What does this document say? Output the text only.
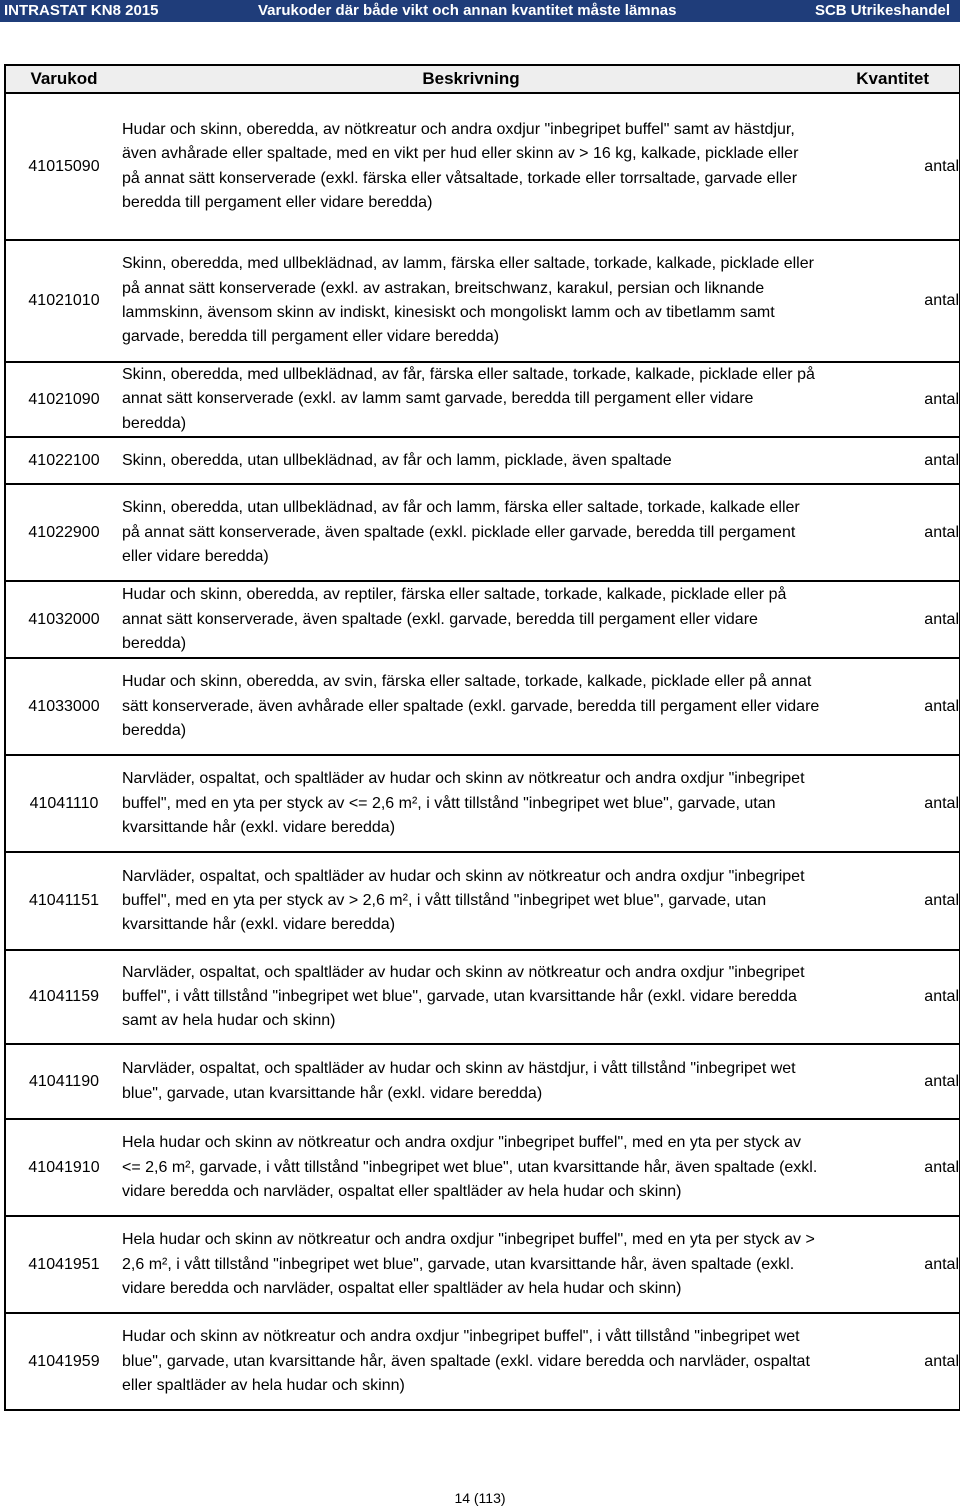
INTRASTAT KN8 2015	Varukoder där både vikt och annan kvantitet måste lämnas	SCB Utrikeshandel
Varukod	Beskrivning	Kvantitet
41015090	Hudar och skinn, oberedda, av nötkreatur och andra oxdjur "inbegripet buffel" samt av hästdjur, även avhårade eller spaltade, med en vikt per hud eller skinn av > 16 kg, kalkade, picklade eller på annat sätt konserverade (exkl. färska eller våtsaltade, torkade eller torrsaltade, garvade eller beredda till pergament eller vidare beredda)	antal
41021010	Skinn, oberedda, med ullbeklädnad, av lamm, färska eller saltade, torkade, kalkade, picklade eller på annat sätt konserverade (exkl. av astrakan, breitschwanz, karakul, persian och liknande lammskinn, ävensom skinn av indiskt, kinesiskt och mongoliskt lamm och av tibetlamm samt garvade, beredda till pergament eller vidare beredda)	antal
41021090	Skinn, oberedda, med ullbeklädnad, av får, färska eller saltade, torkade, kalkade, picklade eller på annat sätt konserverade (exkl. av lamm samt garvade, beredda till pergament eller vidare beredda)	antal
41022100	Skinn, oberedda, utan ullbeklädnad, av får och lamm, picklade, även spaltade	antal
41022900	Skinn, oberedda, utan ullbeklädnad, av får och lamm, färska eller saltade, torkade, kalkade eller på annat sätt konserverade, även spaltade (exkl. picklade eller garvade, beredda till pergament eller vidare beredda)	antal
41032000	Hudar och skinn, oberedda, av reptiler, färska eller saltade, torkade, kalkade, picklade eller på annat sätt konserverade, även spaltade (exkl. garvade, beredda till pergament eller vidare beredda)	antal
41033000	Hudar och skinn, oberedda, av svin, färska eller saltade, torkade, kalkade, picklade eller på annat sätt konserverade, även avhårade eller spaltade (exkl. garvade, beredda till pergament eller vidare beredda)	antal
41041110	Narvläder, ospaltat, och spaltläder av hudar och skinn av nötkreatur och andra oxdjur "inbegripet buffel", med en yta per styck av <= 2,6 m², i vått tillstånd "inbegripet wet blue", garvade, utan kvarsittande hår (exkl. vidare beredda)	antal
41041151	Narvläder, ospaltat, och spaltläder av hudar och skinn av nötkreatur och andra oxdjur "inbegripet buffel", med en yta per styck av > 2,6 m², i vått tillstånd "inbegripet wet blue", garvade, utan kvarsittande hår (exkl. vidare beredda)	antal
41041159	Narvläder, ospaltat, och spaltläder av hudar och skinn av nötkreatur och andra oxdjur "inbegripet buffel", i vått tillstånd "inbegripet wet blue", garvade, utan kvarsittande hår (exkl. vidare beredda samt av hela hudar och skinn)	antal
41041190	Narvläder, ospaltat, och spaltläder av hudar och skinn av hästdjur, i vått tillstånd "inbegripet wet blue", garvade, utan kvarsittande hår (exkl. vidare beredda)	antal
41041910	Hela hudar och skinn av nötkreatur och andra oxdjur "inbegripet buffel", med en yta per styck av <= 2,6 m², garvade, i vått tillstånd "inbegripet wet blue", utan kvarsittande hår, även spaltade (exkl. vidare beredda och narvläder, ospaltat eller spaltläder av hela hudar och skinn)	antal
41041951	Hela hudar och skinn av nötkreatur och andra oxdjur "inbegripet buffel", med en yta per styck av > 2,6 m², i vått tillstånd "inbegripet wet blue", garvade, utan kvarsittande hår, även spaltade (exkl. vidare beredda och narvläder, ospaltat eller spaltläder av hela hudar och skinn)	antal
41041959	Hudar och skinn av nötkreatur och andra oxdjur "inbegripet buffel", i vått tillstånd "inbegripet wet blue", garvade, utan kvarsittande hår, även spaltade (exkl. vidare beredda och narvläder, ospaltat eller spaltläder av hela hudar och skinn)	antal
14 (113)
